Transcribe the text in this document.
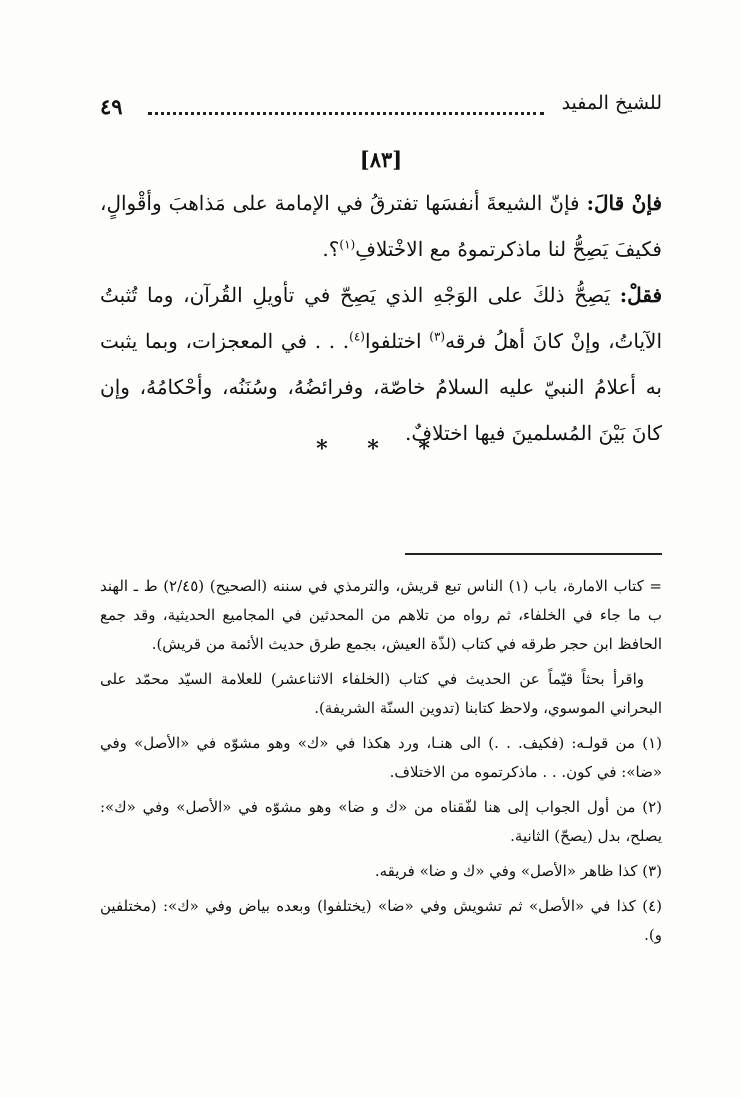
للشيخ المفيد
٤٩
[٨٣]

فإنْ قالَ: فإنّ الشيعةَ أنفسَها تفترقُ في الإمامة على مَذاهبَ وأقْوالٍ، فكيفَ يَصِحُّ لنا ماذكرتموهُ مع الاخْتلافِ$^{(١)}$؟.

فقلْ: يَصِحُّ ذلكَ على الوَجْهِ الذي يَصِحّ في تأويلِ القُرآن، وما تُثبتُ الآياتُ، وإنْ كانَ أهلُ فرقه$^{(٣)}$ اختلفوا$^{(٤)}$. . . في المعجزات، وبما يثبت به أعلامُ النبيّ عليه السلامُ خاصّة، وفرائضُهُ، وسُنَنُه، وأحْكامُهُ، وإن كانَ بَيْنَ المُسلمينَ فيها اختلافٌ.

* * *

= كتاب الامارة، باب (١) الناس تبع قريش، والترمذي في سننه (الصحيح) (٢/٤٥) ط ـ الهند ب ما جاء في الخلفاء، ثم رواه من تلاهم من المحدثين في المجاميع الحديثية، وقد جمع الحافظ ابن حجر طرقه في كتاب (لذّة العيش، بجمع طرق حديث الأئمة من قريش).

واقرأ بحثاً قيّماً عن الحديث في كتاب (الخلفاء الاثناعشر) للعلامة السيّد محمّد على البحراني الموسوي، ولاحظ كتابنا (تدوين السنّة الشريفة).

(١) من قولـه: (فكيف. . .) الى هنـا، ورد هكذا في «ك» وهو مشوّه في «الأصل» وفي «ضا»: في كون. . . ماذكرتموه من الاختلاف.

(٢) من أول الجواب إلى هنا لفّقناه من «ك و ضا» وهو مشوّه في «الأصل» وفي «ك»: يصلح، بدل (يصحّ) الثانية.

(٣) كذا ظاهر «الأصل» وفي «ك و ضا» فريقه.

(٤) كذا في «الأصل» ثم تشويش وفي «ضا» (يختلفوا) وبعده بياض وفي «ك»: (مختلفين و).
